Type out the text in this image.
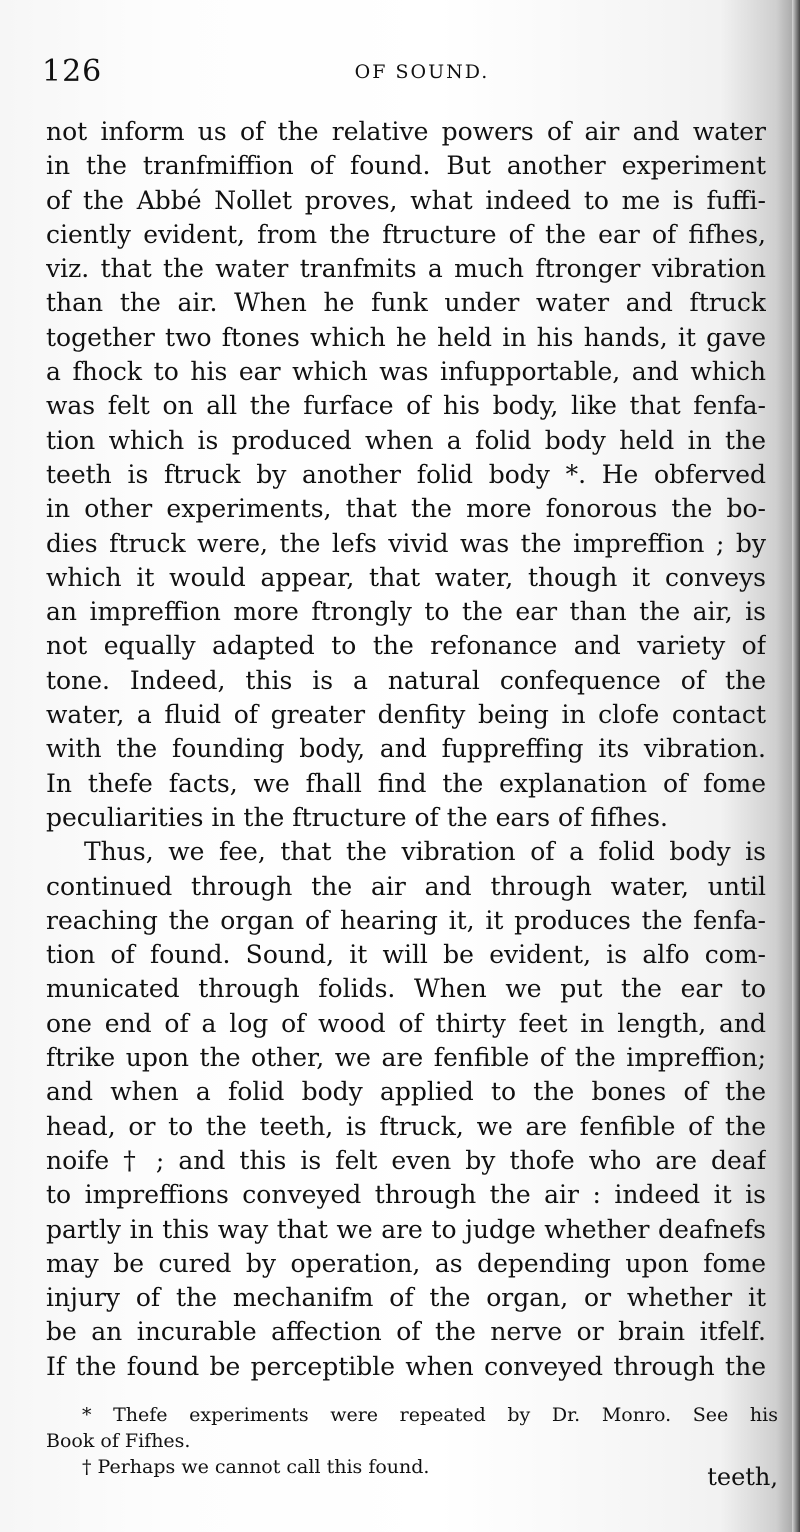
126	OF SOUND.
not inform us of the relative powers of air and water
in the tranfmiffion of found. But another experiment
of the Abbé Nollet proves, what indeed to me is fuffi-
ciently evident, from the ftructure of the ear of fifhes,
viz. that the water tranfmits a much ftronger vibration
than the air. When he funk under water and ftruck
together two ftones which he held in his hands, it gave
a fhock to his ear which was infupportable, and which
was felt on all the furface of his body, like that fenfa-
tion which is produced when a folid body held in the
teeth is ftruck by another folid body *. He obferved
in other experiments, that the more fonorous the bo-
dies ftruck were, the lefs vivid was the impreffion ; by
which it would appear, that water, though it conveys
an impreffion more ftrongly to the ear than the air, is
not equally adapted to the refonance and variety of
tone. Indeed, this is a natural confequence of the
water, a fluid of greater denfity being in clofe contact
with the founding body, and fuppreffing its vibration.
In thefe facts, we fhall find the explanation of fome
peculiarities in the ftructure of the ears of fifhes.
Thus, we fee, that the vibration of a folid body is
continued through the air and through water, until
reaching the organ of hearing it, it produces the fenfa-
tion of found. Sound, it will be evident, is alfo com-
municated through folids. When we put the ear to
one end of a log of wood of thirty feet in length, and
ftrike upon the other, we are fenfible of the impreffion;
and when a folid body applied to the bones of the
head, or to the teeth, is ftruck, we are fenfible of the
noife † ; and this is felt even by thofe who are deaf
to impreffions conveyed through the air : indeed it is
partly in this way that we are to judge whether deafnefs
may be cured by operation, as depending upon fome
injury of the mechanifm of the organ, or whether it
be an incurable affection of the nerve or brain itfelf.
If the found be perceptible when conveyed through the
* Thefe experiments were repeated by Dr. Monro. See his
Book of Fifhes.
† Perhaps we cannot call this found.	teeth,
